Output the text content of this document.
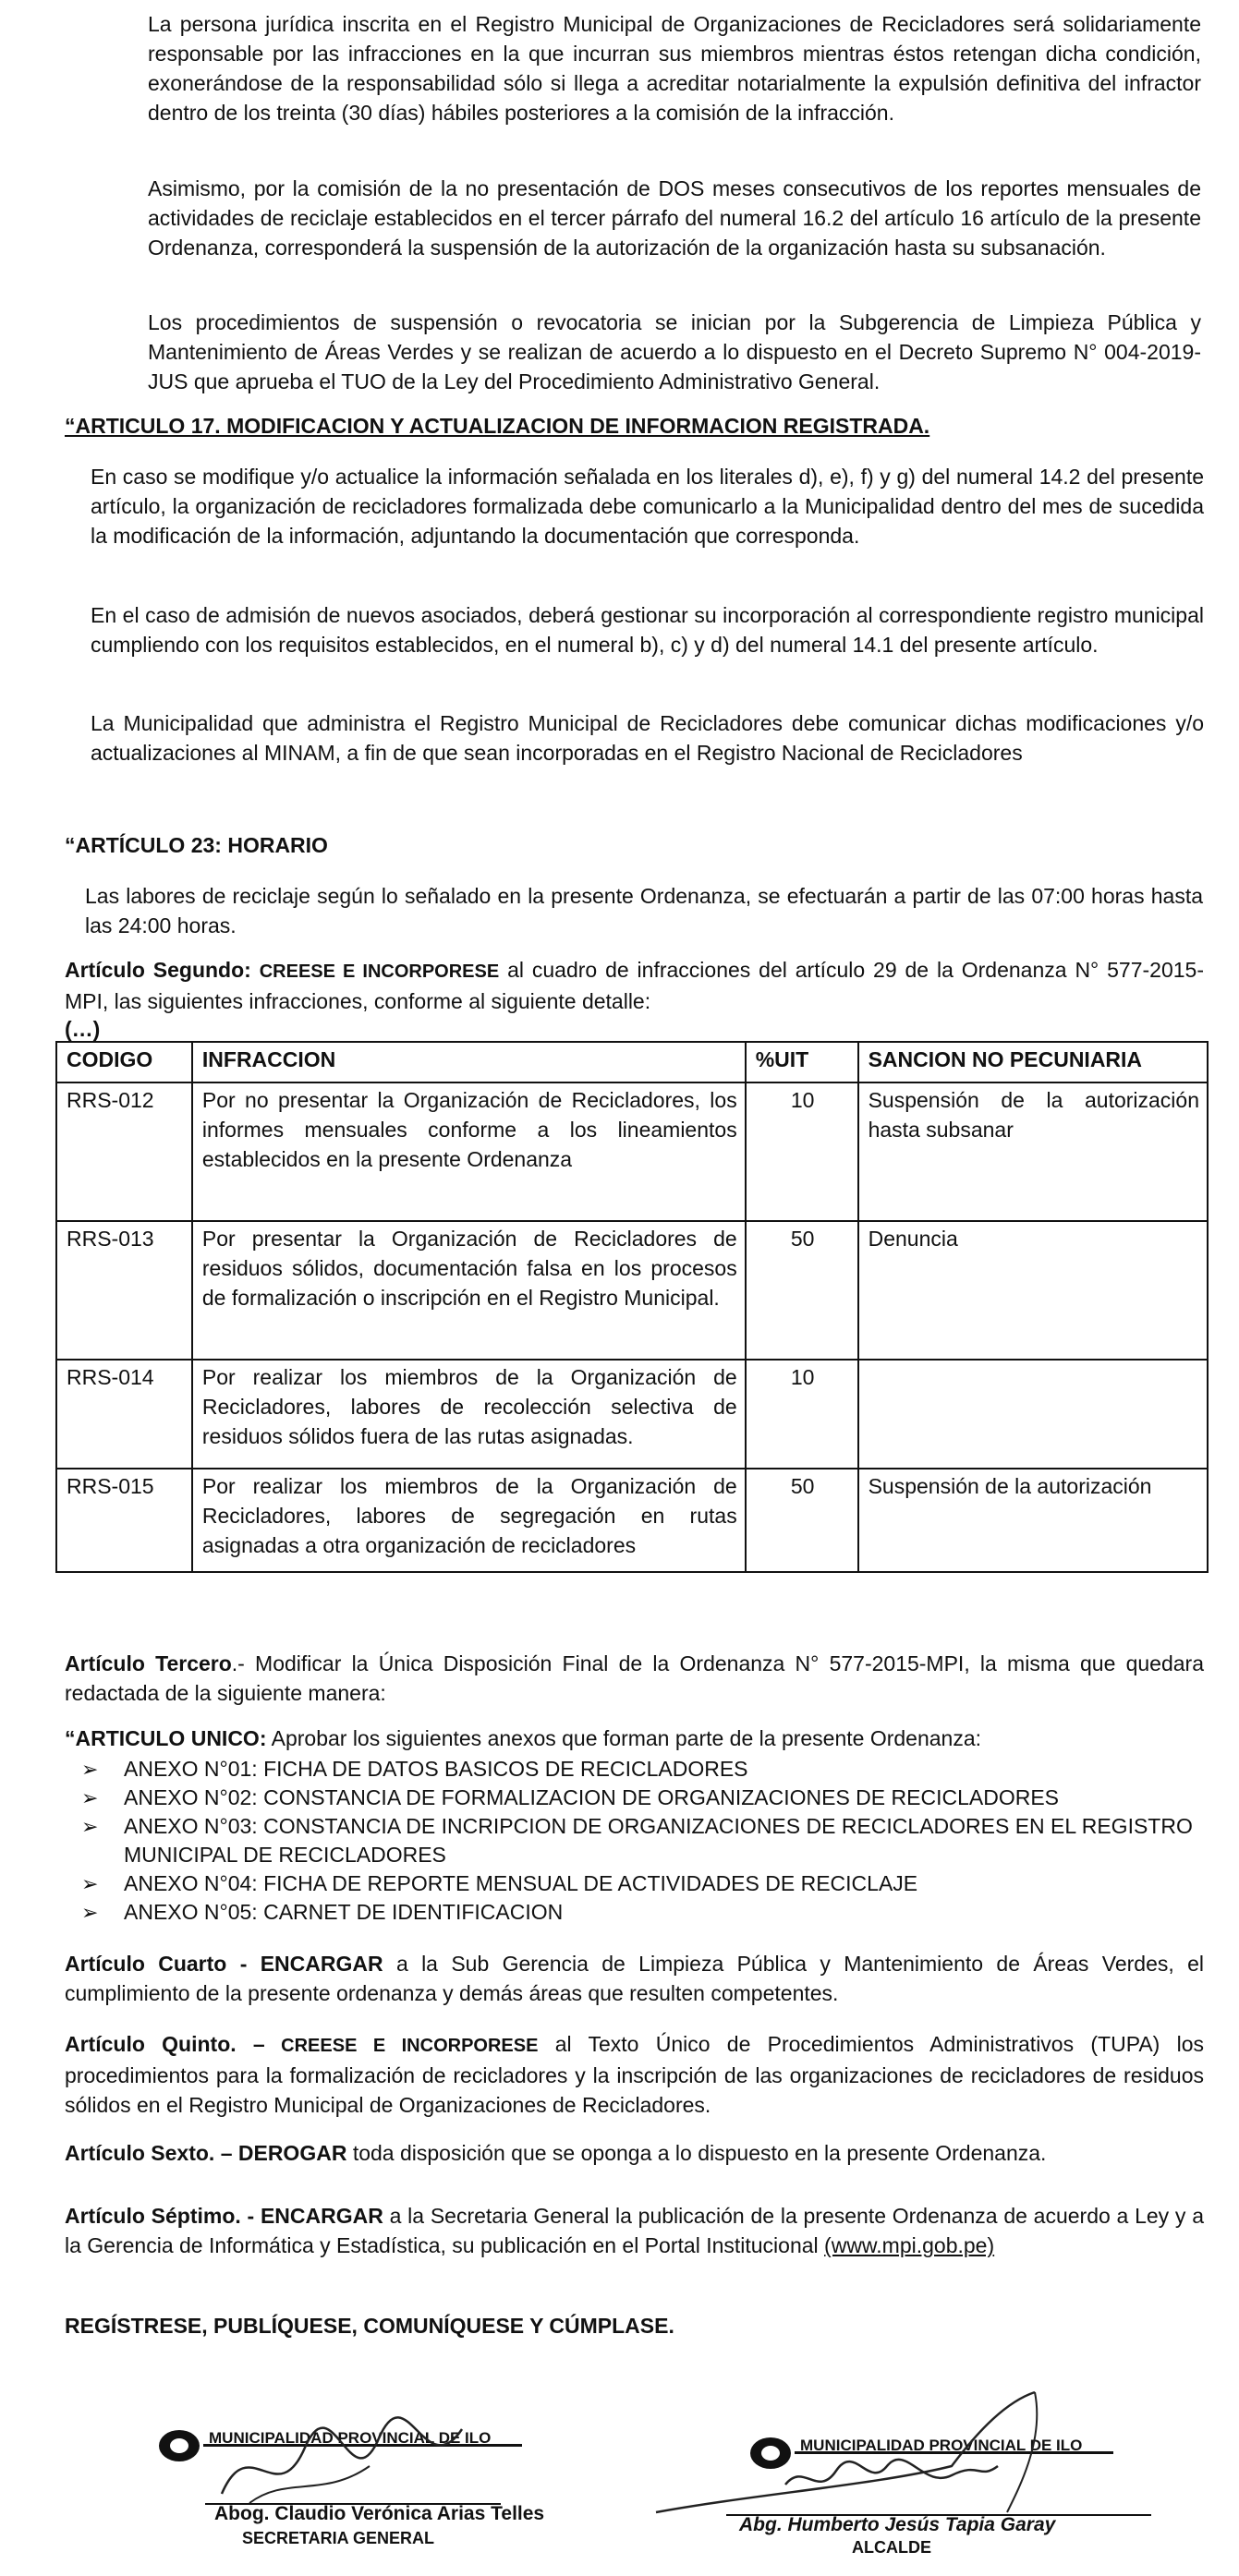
La persona jurídica inscrita en el Registro Municipal de Organizaciones de Recicladores será solidariamente responsable por las infracciones en la que incurran sus miembros mientras éstos retengan dicha condición, exonerándose de la responsabilidad sólo si llega a acreditar notarialmente la expulsión definitiva del infractor dentro de los treinta (30 días) hábiles posteriores a la comisión de la infracción.
Asimismo, por la comisión de la no presentación de DOS meses consecutivos de los reportes mensuales de actividades de reciclaje establecidos en el tercer párrafo del numeral 16.2 del artículo 16 artículo de la presente Ordenanza, corresponderá la suspensión de la autorización de la organización hasta su subsanación.
Los procedimientos de suspensión o revocatoria se inician por la Subgerencia de Limpieza Pública y Mantenimiento de Áreas Verdes y se realizan de acuerdo a lo dispuesto en el Decreto Supremo N° 004-2019-JUS que aprueba el TUO de la Ley del Procedimiento Administrativo General.
“ARTICULO 17. MODIFICACION Y ACTUALIZACION DE INFORMACION REGISTRADA.
En caso se modifique y/o actualice la información señalada en los literales d), e), f) y g) del numeral 14.2 del presente artículo, la organización de recicladores formalizada debe comunicarlo a la Municipalidad dentro del mes de sucedida la modificación de la información, adjuntando la documentación que corresponda.
En el caso de admisión de nuevos asociados, deberá gestionar su incorporación al correspondiente registro municipal cumpliendo con los requisitos establecidos, en el numeral b), c) y d) del numeral 14.1 del presente artículo.
La Municipalidad que administra el Registro Municipal de Recicladores debe comunicar dichas modificaciones y/o actualizaciones al MINAM, a fin de que sean incorporadas en el Registro Nacional de Recicladores
“ARTÍCULO 23: HORARIO
Las labores de reciclaje según lo señalado en la presente Ordenanza, se efectuarán a partir de las 07:00 horas hasta las 24:00 horas.
Artículo Segundo: CREESE E INCORPORESE al cuadro de infracciones del artículo 29 de la Ordenanza N° 577-2015-MPI, las siguientes infracciones, conforme al siguiente detalle:
(…)
CODIGO	INFRACCION	%UIT	SANCION NO PECUNIARIA
RRS-012	Por no presentar la Organización de Recicladores, los informes mensuales conforme a los lineamientos establecidos en la presente Ordenanza	10	Suspensión de la autorización hasta subsanar
RRS-013	Por presentar la Organización de Recicladores de residuos sólidos, documentación falsa en los procesos de formalización o inscripción en el Registro Municipal.	50	Denuncia
RRS-014	Por realizar los miembros de la Organización de Recicladores, labores de recolección selectiva de residuos sólidos fuera de las rutas asignadas.	10	
RRS-015	Por realizar los miembros de la Organización de Recicladores, labores de segregación en rutas asignadas a otra organización de recicladores	50	Suspensión de la autorización
Artículo Tercero.- Modificar la Única Disposición Final de la Ordenanza N° 577-2015-MPI, la misma que quedara redactada de la siguiente manera:
“ARTICULO UNICO: Aprobar los siguientes anexos que forman parte de la presente Ordenanza:
➢ ANEXO N°01: FICHA DE DATOS BASICOS DE RECICLADORES
➢ ANEXO N°02: CONSTANCIA DE FORMALIZACION DE ORGANIZACIONES DE RECICLADORES
➢ ANEXO N°03: CONSTANCIA DE INCRIPCION DE ORGANIZACIONES DE RECICLADORES EN EL REGISTRO MUNICIPAL DE RECICLADORES
➢ ANEXO N°04: FICHA DE REPORTE MENSUAL DE ACTIVIDADES DE RECICLAJE
➢ ANEXO N°05: CARNET DE IDENTIFICACION
Artículo Cuarto - ENCARGAR a la Sub Gerencia de Limpieza Pública y Mantenimiento de Áreas Verdes, el cumplimiento de la presente ordenanza y demás áreas que resulten competentes.
Artículo Quinto. – CREESE E INCORPORESE al Texto Único de Procedimientos Administrativos (TUPA) los procedimientos para la formalización de recicladores y la inscripción de las organizaciones de recicladores de residuos sólidos en el Registro Municipal de Organizaciones de Recicladores.
Artículo Sexto. – DEROGAR toda disposición que se oponga a lo dispuesto en la presente Ordenanza.
Artículo Séptimo. - ENCARGAR a la Secretaria General la publicación de la presente Ordenanza de acuerdo a Ley y a la Gerencia de Informática y Estadística, su publicación en el Portal Institucional (www.mpi.gob.pe)
REGÍSTRESE, PUBLÍQUESE, COMUNÍQUESE Y CÚMPLASE.
MUNICIPALIDAD PROVINCIAL DE ILO
Abog. Claudio Verónica Arias Telles
SECRETARIA GENERAL
MUNICIPALIDAD PROVINCIAL DE ILO
Abg. Humberto Jesús Tapia Garay
ALCALDE
